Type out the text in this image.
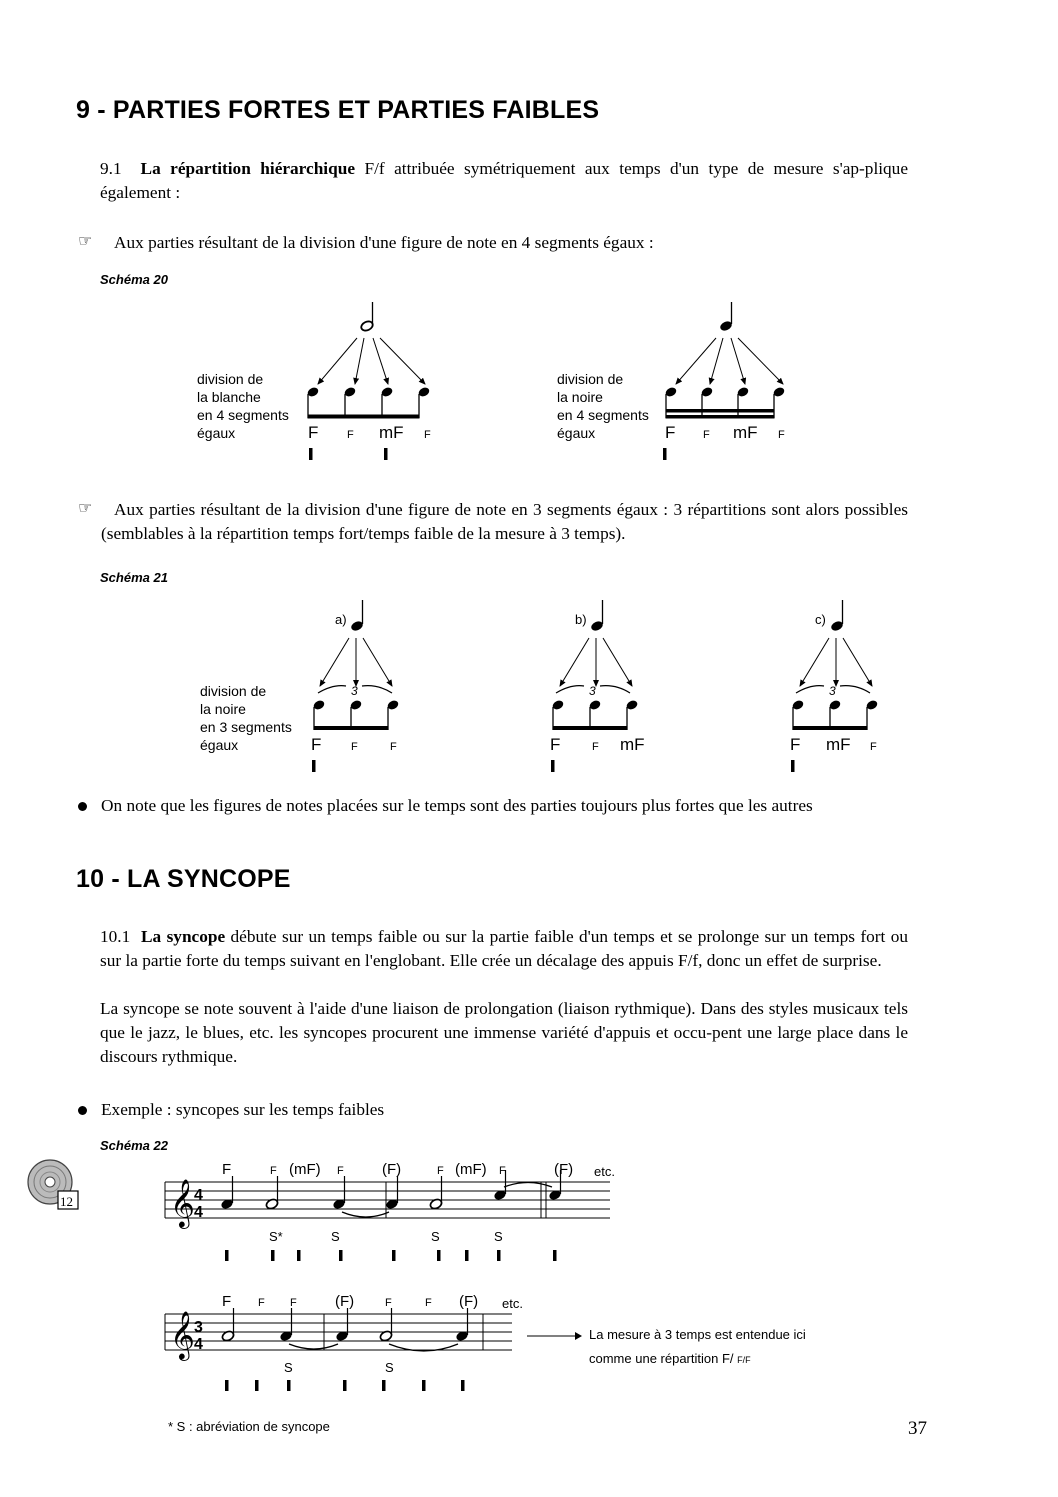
9 - PARTIES FORTES ET PARTIES FAIBLES
9.1 La répartition hiérarchique F/f attribuée symétriquement aux temps d'un type de mesure s'ap-plique également :
☞ Aux parties résultant de la division d'une figure de note en 4 segments égaux :
Schéma 20
division de
la blanche
en 4 segments
égaux
division de
la noire
en 4 segments
égaux
F	F mF F	F	F mF F
☞	Aux parties résultant de la division d'une figure de note en 3 segments égaux : 3 répartitions sont alors possibles (semblables à la répartition temps fort/temps faible de la mesure à 3 temps).
Schéma 21
division de
la noire
en 3 segments
égaux
a)
3
F	F	F
b)
3
F	F mF
c)
3
F mF F
On note que les figures de notes placées sur le temps sont des parties toujours plus fortes que les autres
10 - LA SYNCOPE
10.1 La syncope débute sur un temps faible ou sur la partie faible d'un temps et se prolonge sur un temps fort ou sur la partie forte du temps suivant en l'englobant. Elle crée un décalage des appuis F/f, donc un effet de surprise.
La syncope se note souvent à l'aide d'une liaison de prolongation (liaison rythmique). Dans des styles musicaux tels que le jazz, le blues, etc. les syncopes procurent une immense variété d'appuis et occu-pent une large place dans le discours rythmique.
Exemple : syncopes sur les temps faibles
Schéma 22
12
F	F (mF) F	(F)	F (mF) F	(F) etc.
S*	S	S	S
F F F	(F)	F	F (F) etc.
S	S
La mesure à 3 temps est entendue ici
comme une répartition F/ F/F
𝄞 4
4
𝄞 3
4
* S : abréviation de syncope	37
